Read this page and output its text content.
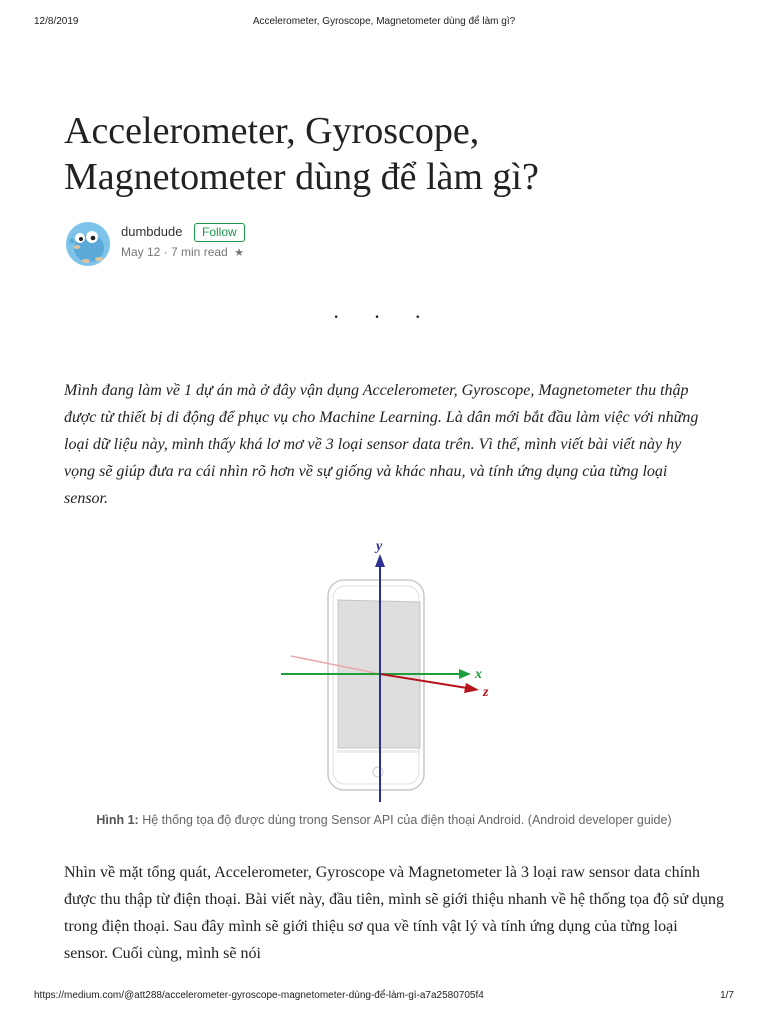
12/8/2019	Accelerometer, Gyroscope, Magnetometer dùng để làm gì?
Accelerometer, Gyroscope, Magnetometer dùng để làm gì?
dumbdude	Follow
May 12 · 7 min read ★
· · ·

Mình đang làm về 1 dự án mà ở đây vận dụng Accelerometer, Gyroscope, Magnetometer thu thập được từ thiết bị di động để phục vụ cho Machine Learning. Là dân mới bắt đầu làm việc với những loại dữ liệu này, mình thấy khá lơ mơ về 3 loại sensor data trên. Vì thế, mình viết bài viết này hy vọng sẽ giúp đưa ra cái nhìn rõ hơn về sự giống và khác nhau, và tính ứng dụng của từng loại sensor.

x
z
y
Hình 1: Hệ thống tọa độ được dùng trong Sensor API của điện thoại Android. (Android developer guide)

Nhìn về mặt tổng quát, Accelerometer, Gyroscope và Magnetometer là 3 loại raw sensor data chính được thu thập từ điện thoại. Bài viết này, đầu tiên, mình sẽ giới thiệu nhanh về hệ thống tọa độ sử dụng trong điện thoại. Sau đây mình sẽ giới thiệu sơ qua về tính vật lý và tính ứng dụng của từng loại sensor. Cuối cùng, mình sẽ nói

https://medium.com/@att288/accelerometer-gyroscope-magnetometer-dùng-để-làm-gì-a7a2580705f4	1/7
